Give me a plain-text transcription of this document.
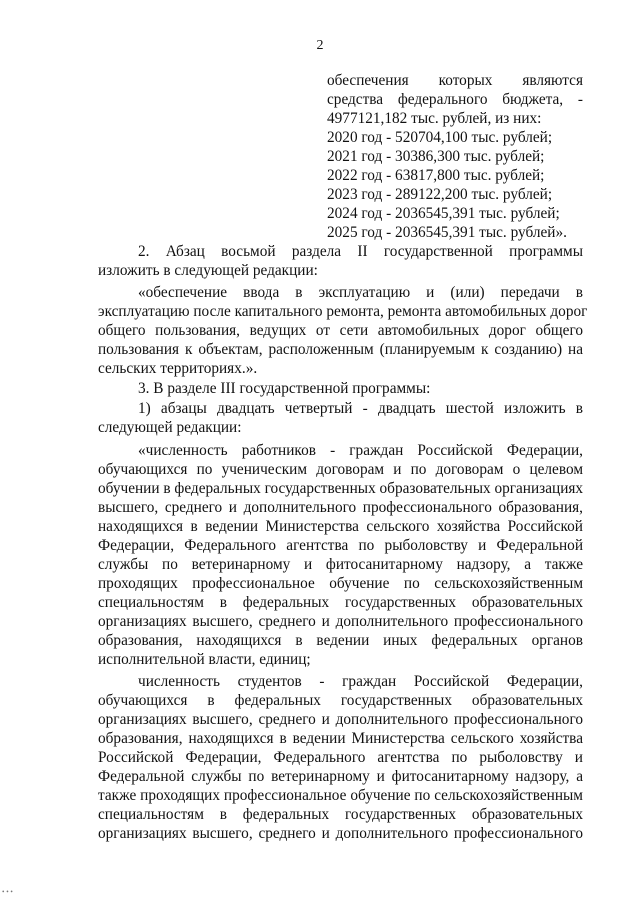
2
обеспечения которых являются
средства федерального бюджета, -
4977121,182 тыс. рублей, из них:
2020 год - 520704,100 тыс. рублей;
2021 год - 30386,300 тыс. рублей;
2022 год - 63817,800 тыс. рублей;
2023 год - 289122,200 тыс. рублей;
2024 год - 2036545,391 тыс. рублей;
2025 год - 2036545,391 тыс. рублей».
2. Абзац восьмой раздела II государственной программы
изложить в следующей редакции:
«обеспечение ввода в эксплуатацию и (или) передачи в
эксплуатацию после капитального ремонта, ремонта автомобильных дорог
общего пользования, ведущих от сети автомобильных дорог общего
пользования к объектам, расположенным (планируемым к созданию) на
сельских территориях.».
3. В разделе III государственной программы:
1) абзацы двадцать четвертый - двадцать шестой изложить в
следующей редакции:
«численность работников - граждан Российской Федерации,
обучающихся по ученическим договорам и по договорам о целевом
обучении в федеральных государственных образовательных организациях
высшего, среднего и дополнительного профессионального образования,
находящихся в ведении Министерства сельского хозяйства Российской
Федерации, Федерального агентства по рыболовству и Федеральной
службы по ветеринарному и фитосанитарному надзору, а также
проходящих профессиональное обучение по сельскохозяйственным
специальностям в федеральных государственных образовательных
организациях высшего, среднего и дополнительного профессионального
образования, находящихся в ведении иных федеральных органов
исполнительной власти, единиц;
численность студентов - граждан Российской Федерации,
обучающихся в федеральных государственных образовательных
организациях высшего, среднего и дополнительного профессионального
образования, находящихся в ведении Министерства сельского хозяйства
Российской Федерации, Федерального агентства по рыболовству и
Федеральной службы по ветеринарному и фитосанитарному надзору, а
также проходящих профессиональное обучение по сельскохозяйственным
специальностям в федеральных государственных образовательных
организациях высшего, среднего и дополнительного профессионального
• • •
